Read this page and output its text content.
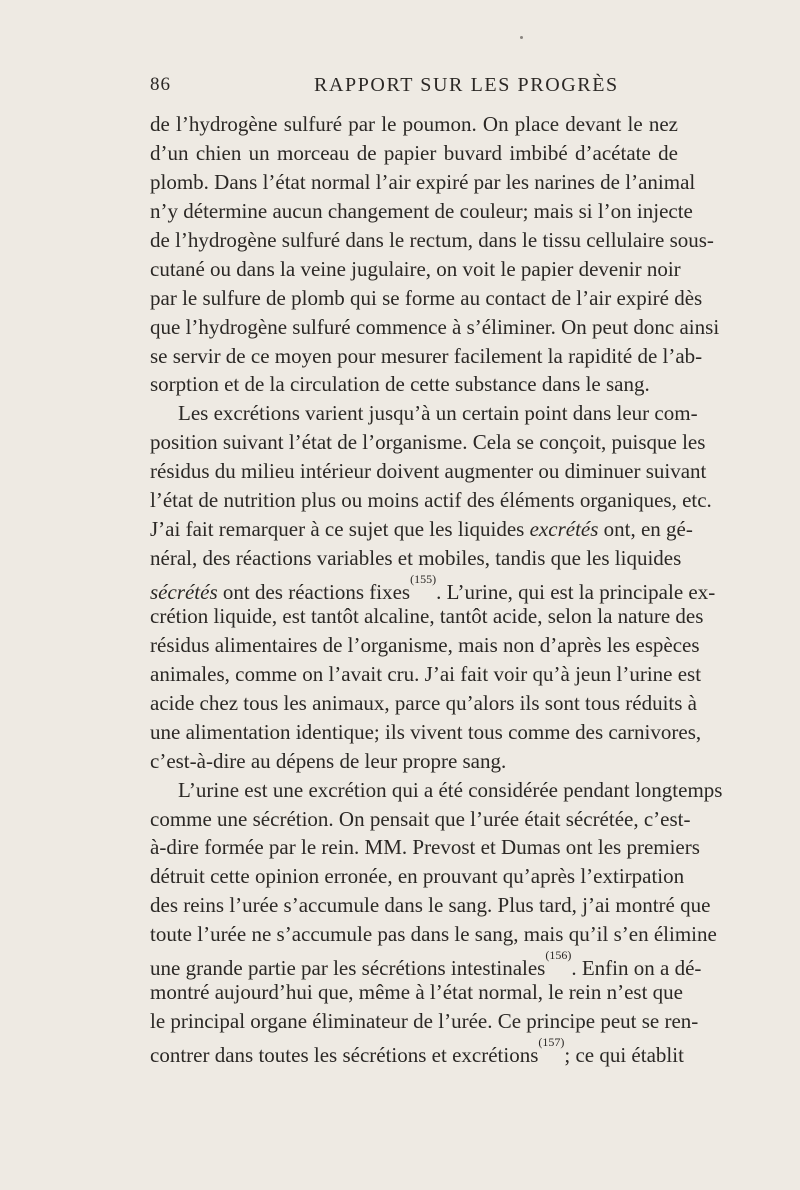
86	RAPPORT SUR LES PROGRÈS
de l’hydrogène sulfuré par le poumon. On place devant le nez
d’un chien un morceau de papier buvard imbibé d’acétate de
plomb. Dans l’état normal l’air expiré par les narines de l’animal
n’y détermine aucun changement de couleur; mais si l’on injecte
de l’hydrogène sulfuré dans le rectum, dans le tissu cellulaire sous-
cutané ou dans la veine jugulaire, on voit le papier devenir noir
par le sulfure de plomb qui se forme au contact de l’air expiré dès
que l’hydrogène sulfuré commence à s’éliminer. On peut donc ainsi
se servir de ce moyen pour mesurer facilement la rapidité de l’ab-
sorption et de la circulation de cette substance dans le sang.
Les excrétions varient jusqu’à un certain point dans leur com-
position suivant l’état de l’organisme. Cela se conçoit, puisque les
résidus du milieu intérieur doivent augmenter ou diminuer suivant
l’état de nutrition plus ou moins actif des éléments organiques, etc.
J’ai fait remarquer à ce sujet que les liquides excrétés ont, en gé-
néral, des réactions variables et mobiles, tandis que les liquides
sécrétés ont des réactions fixes$^{(155)}$. L’urine, qui est la principale ex-
crétion liquide, est tantôt alcaline, tantôt acide, selon la nature des
résidus alimentaires de l’organisme, mais non d’après les espèces
animales, comme on l’avait cru. J’ai fait voir qu’à jeun l’urine est
acide chez tous les animaux, parce qu’alors ils sont tous réduits à
une alimentation identique; ils vivent tous comme des carnivores,
c’est-à-dire au dépens de leur propre sang.
L’urine est une excrétion qui a été considérée pendant longtemps
comme une sécrétion. On pensait que l’urée était sécrétée, c’est-
à-dire formée par le rein. MM. Prevost et Dumas ont les premiers
détruit cette opinion erronée, en prouvant qu’après l’extirpation
des reins l’urée s’accumule dans le sang. Plus tard, j’ai montré que
toute l’urée ne s’accumule pas dans le sang, mais qu’il s’en élimine
une grande partie par les sécrétions intestinales$^{(156)}$. Enfin on a dé-
montré aujourd’hui que, même à l’état normal, le rein n’est que
le principal organe éliminateur de l’urée. Ce principe peut se ren-
contrer dans toutes les sécrétions et excrétions$^{(157)}$; ce qui établit
